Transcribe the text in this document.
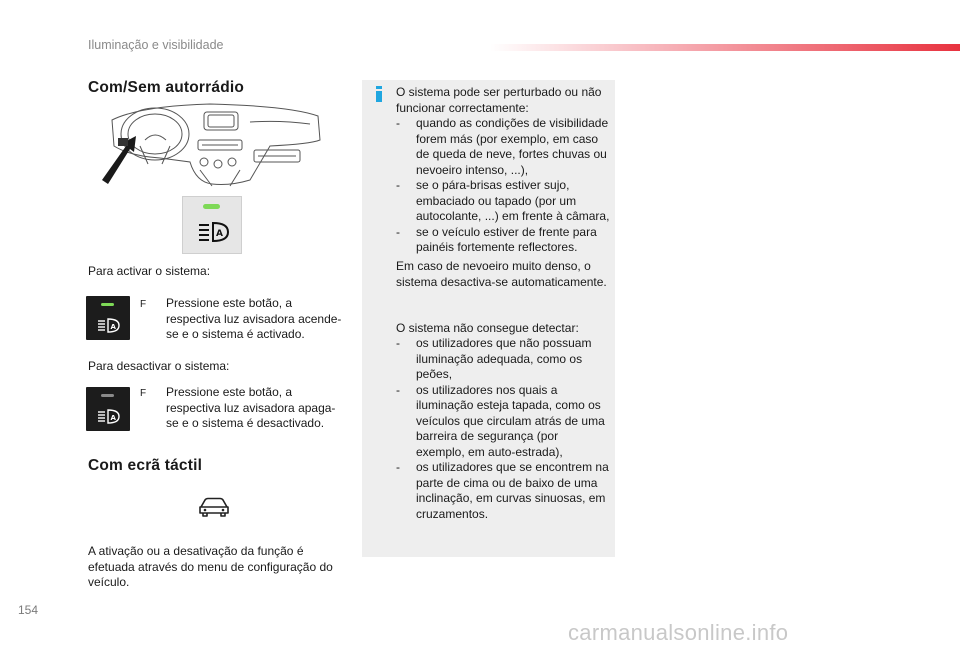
Iluminação e visibilidade
Com/Sem autorrádio
A
Para activar o sistema:
A
F	Pressione este botão, a respectiva luz avisadora acende-se e o sistema é activado.
Para desactivar o sistema:
A
F	Pressione este botão, a respectiva luz avisadora apaga-se e o sistema é desactivado.
Com ecrã táctil
A ativação ou a desativação da função é efetuada através do menu de configuração do veículo.
O sistema pode ser perturbado ou não funcionar correctamente:
-	quando as condições de visibilidade forem más (por exemplo, em caso de queda de neve, fortes chuvas ou nevoeiro intenso, ...),
-	se o pára-brisas estiver sujo, embaciado ou tapado (por um autocolante, ...) em frente à câmara,
-	se o veículo estiver de frente para painéis fortemente reflectores.
Em caso de nevoeiro muito denso, o sistema desactiva-se automaticamente.
O sistema não consegue detectar:
-	os utilizadores que não possuam iluminação adequada, como os peões,
-	os utilizadores nos quais a iluminação esteja tapada, como os veículos que circulam atrás de uma barreira de segurança (por exemplo, em auto-estrada),
-	os utilizadores que se encontrem na parte de cima ou de baixo de uma inclinação, em curvas sinuosas, em cruzamentos.
154
carmanualsonline.info
